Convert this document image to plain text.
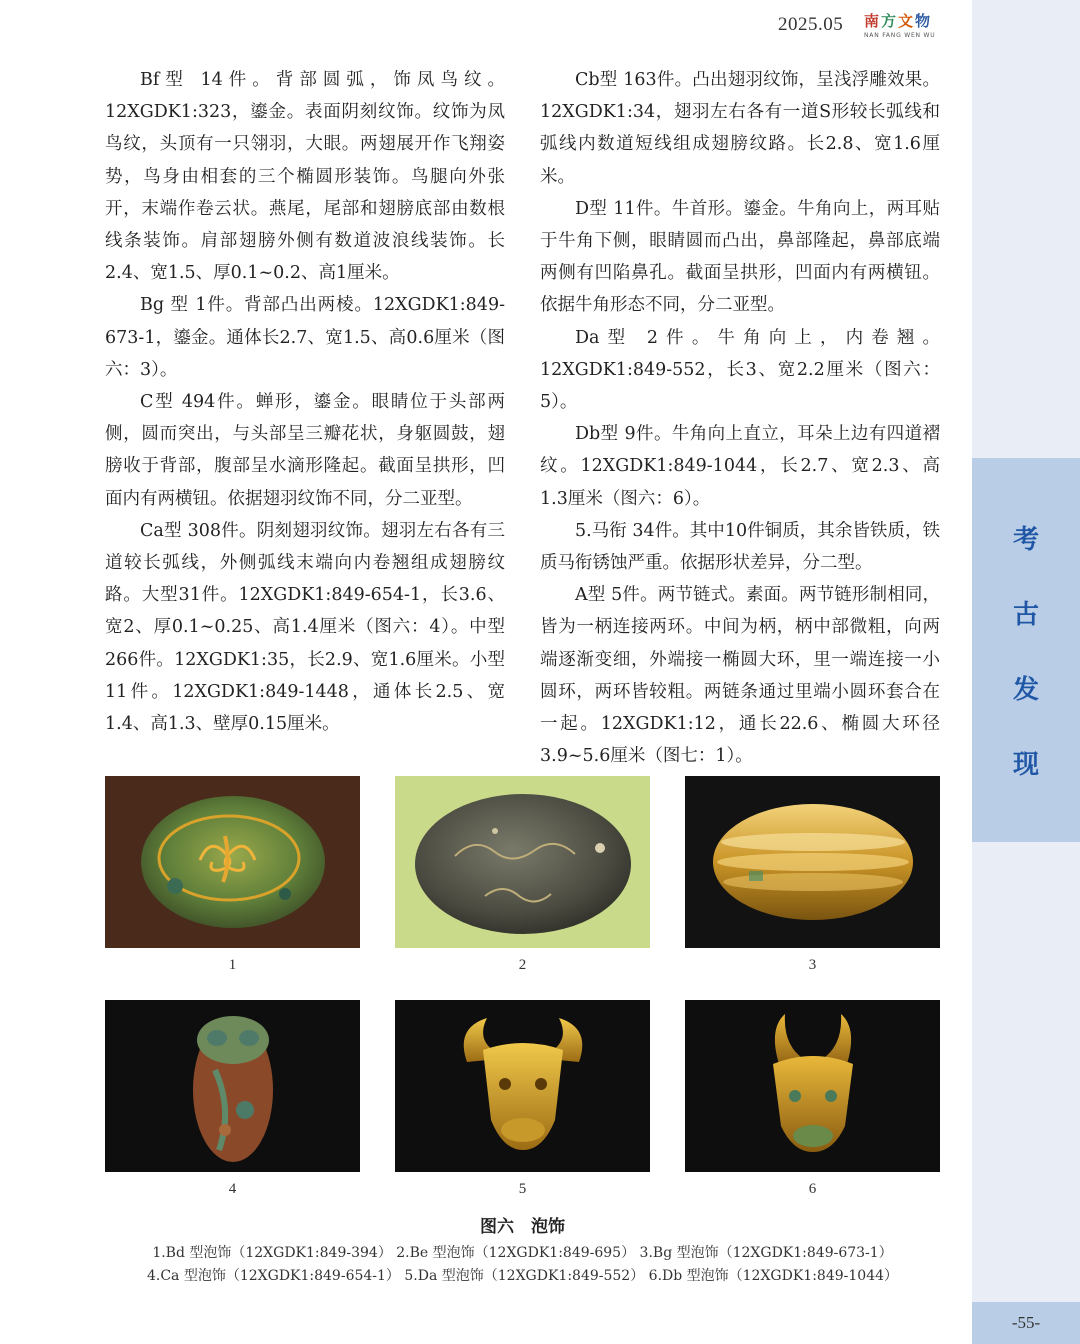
2025.05 南方文物
NAN FANG WEN WU

Bf型 14件。背部圆弧，饰凤鸟纹。12XGDK1:323，鎏金。表面阴刻纹饰。纹饰为凤鸟纹，头顶有一只翎羽，大眼。两翅展开作飞翔姿势，鸟身由相套的三个椭圆形装饰。鸟腿向外张开，末端作卷云状。燕尾，尾部和翅膀底部由数根线条装饰。肩部翅膀外侧有数道波浪线装饰。长2.4、宽1.5、厚0.1~0.2、高1厘米。

Bg 型 1件。背部凸出两棱。12XGDK1:849-673-1，鎏金。通体长2.7、宽1.5、高0.6厘米（图六：3）。

C型 494件。蝉形，鎏金。眼睛位于头部两侧，圆而突出，与头部呈三瓣花状，身躯圆鼓，翅膀收于背部，腹部呈水滴形隆起。截面呈拱形，凹面内有两横钮。依据翅羽纹饰不同，分二亚型。

Ca型 308件。阴刻翅羽纹饰。翅羽左右各有三道较长弧线，外侧弧线末端向内卷翘组成翅膀纹路。大型31件。12XGDK1:849-654-1，长3.6、宽2、厚0.1~0.25、高1.4厘米（图六：4）。中型266件。12XGDK1:35，长2.9、宽1.6厘米。小型11件。12XGDK1:849-1448，通体长2.5、宽1.4、高1.3、壁厚0.15厘米。

Cb型 163件。凸出翅羽纹饰，呈浅浮雕效果。12XGDK1:34，翅羽左右各有一道S形较长弧线和弧线内数道短线组成翅膀纹路。长2.8、宽1.6厘米。

D型 11件。牛首形。鎏金。牛角向上，两耳贴于牛角下侧，眼睛圆而凸出，鼻部隆起，鼻部底端两侧有凹陷鼻孔。截面呈拱形，凹面内有两横钮。依据牛角形态不同，分二亚型。

Da型 2件。牛角向上，内卷翘。12XGDK1:849-552，长3、宽2.2厘米（图六：5）。

Db型 9件。牛角向上直立，耳朵上边有四道褶纹。12XGDK1:849-1044，长2.7、宽2.3、高1.3厘米（图六：6）。

5.马衔 34件。其中10件铜质，其余皆铁质，铁质马衔锈蚀严重。依据形状差异，分二型。

A型 5件。两节链式。素面。两节链形制相同，皆为一柄连接两环。中间为柄，柄中部微粗，向两端逐渐变细，外端接一椭圆大环，里一端连接一小圆环，两环皆较粗。两链条通过里端小圆环套合在一起。12XGDK1:12，通长22.6、椭圆大环径3.9~5.6厘米（图七：1）。

1	2	3
4	5	6
图六　泡饰
1.Bd 型泡饰（12XGDK1:849-394） 2.Be 型泡饰（12XGDK1:849-695） 3.Bg 型泡饰（12XGDK1:849-673-1）
4.Ca 型泡饰（12XGDK1:849-654-1） 5.Da 型泡饰（12XGDK1:849-552） 6.Db 型泡饰（12XGDK1:849-1044）
考
古
发
现
-55-
